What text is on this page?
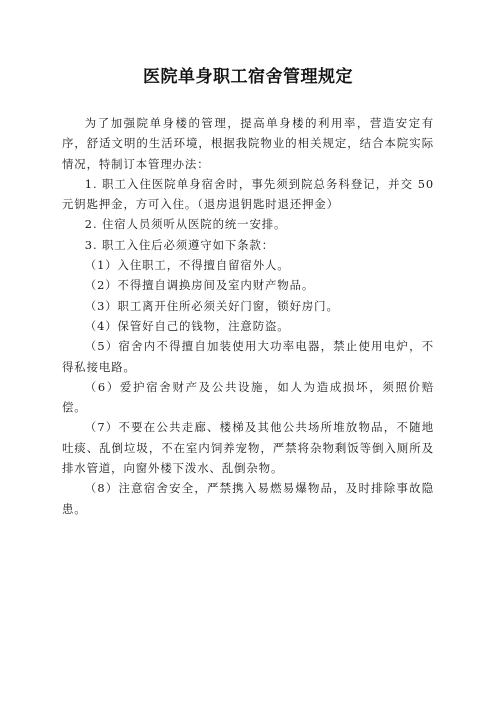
医院单身职工宿舍管理规定

为了加强院单身楼的管理，提高单身楼的利用率，营造安定有序，舒适文明的生活环境，根据我院物业的相关规定，结合本院实际情况，特制订本管理办法：

1. 职工入住医院单身宿舍时，事先须到院总务科登记，并交 50 元钥匙押金，方可入住。（退房退钥匙时退还押金）

2. 住宿人员须听从医院的统一安排。

3. 职工入住后必须遵守如下条款：

（1）入住职工，不得擅自留宿外人。

（2）不得擅自调换房间及室内财产物品。

（3）职工离开住所必须关好门窗，锁好房门。

（4）保管好自己的钱物，注意防盗。

（5）宿舍内不得擅自加装使用大功率电器，禁止使用电炉，不得私接电路。

（6）爱护宿舍财产及公共设施，如人为造成损坏，须照价赔偿。

（7）不要在公共走廊、楼梯及其他公共场所堆放物品，不随地吐痰、乱倒垃圾，不在室内饲养宠物，严禁将杂物剩饭等倒入厕所及排水管道，向窗外楼下泼水、乱倒杂物。

（8）注意宿舍安全，严禁携入易燃易爆物品，及时排除事故隐患。
